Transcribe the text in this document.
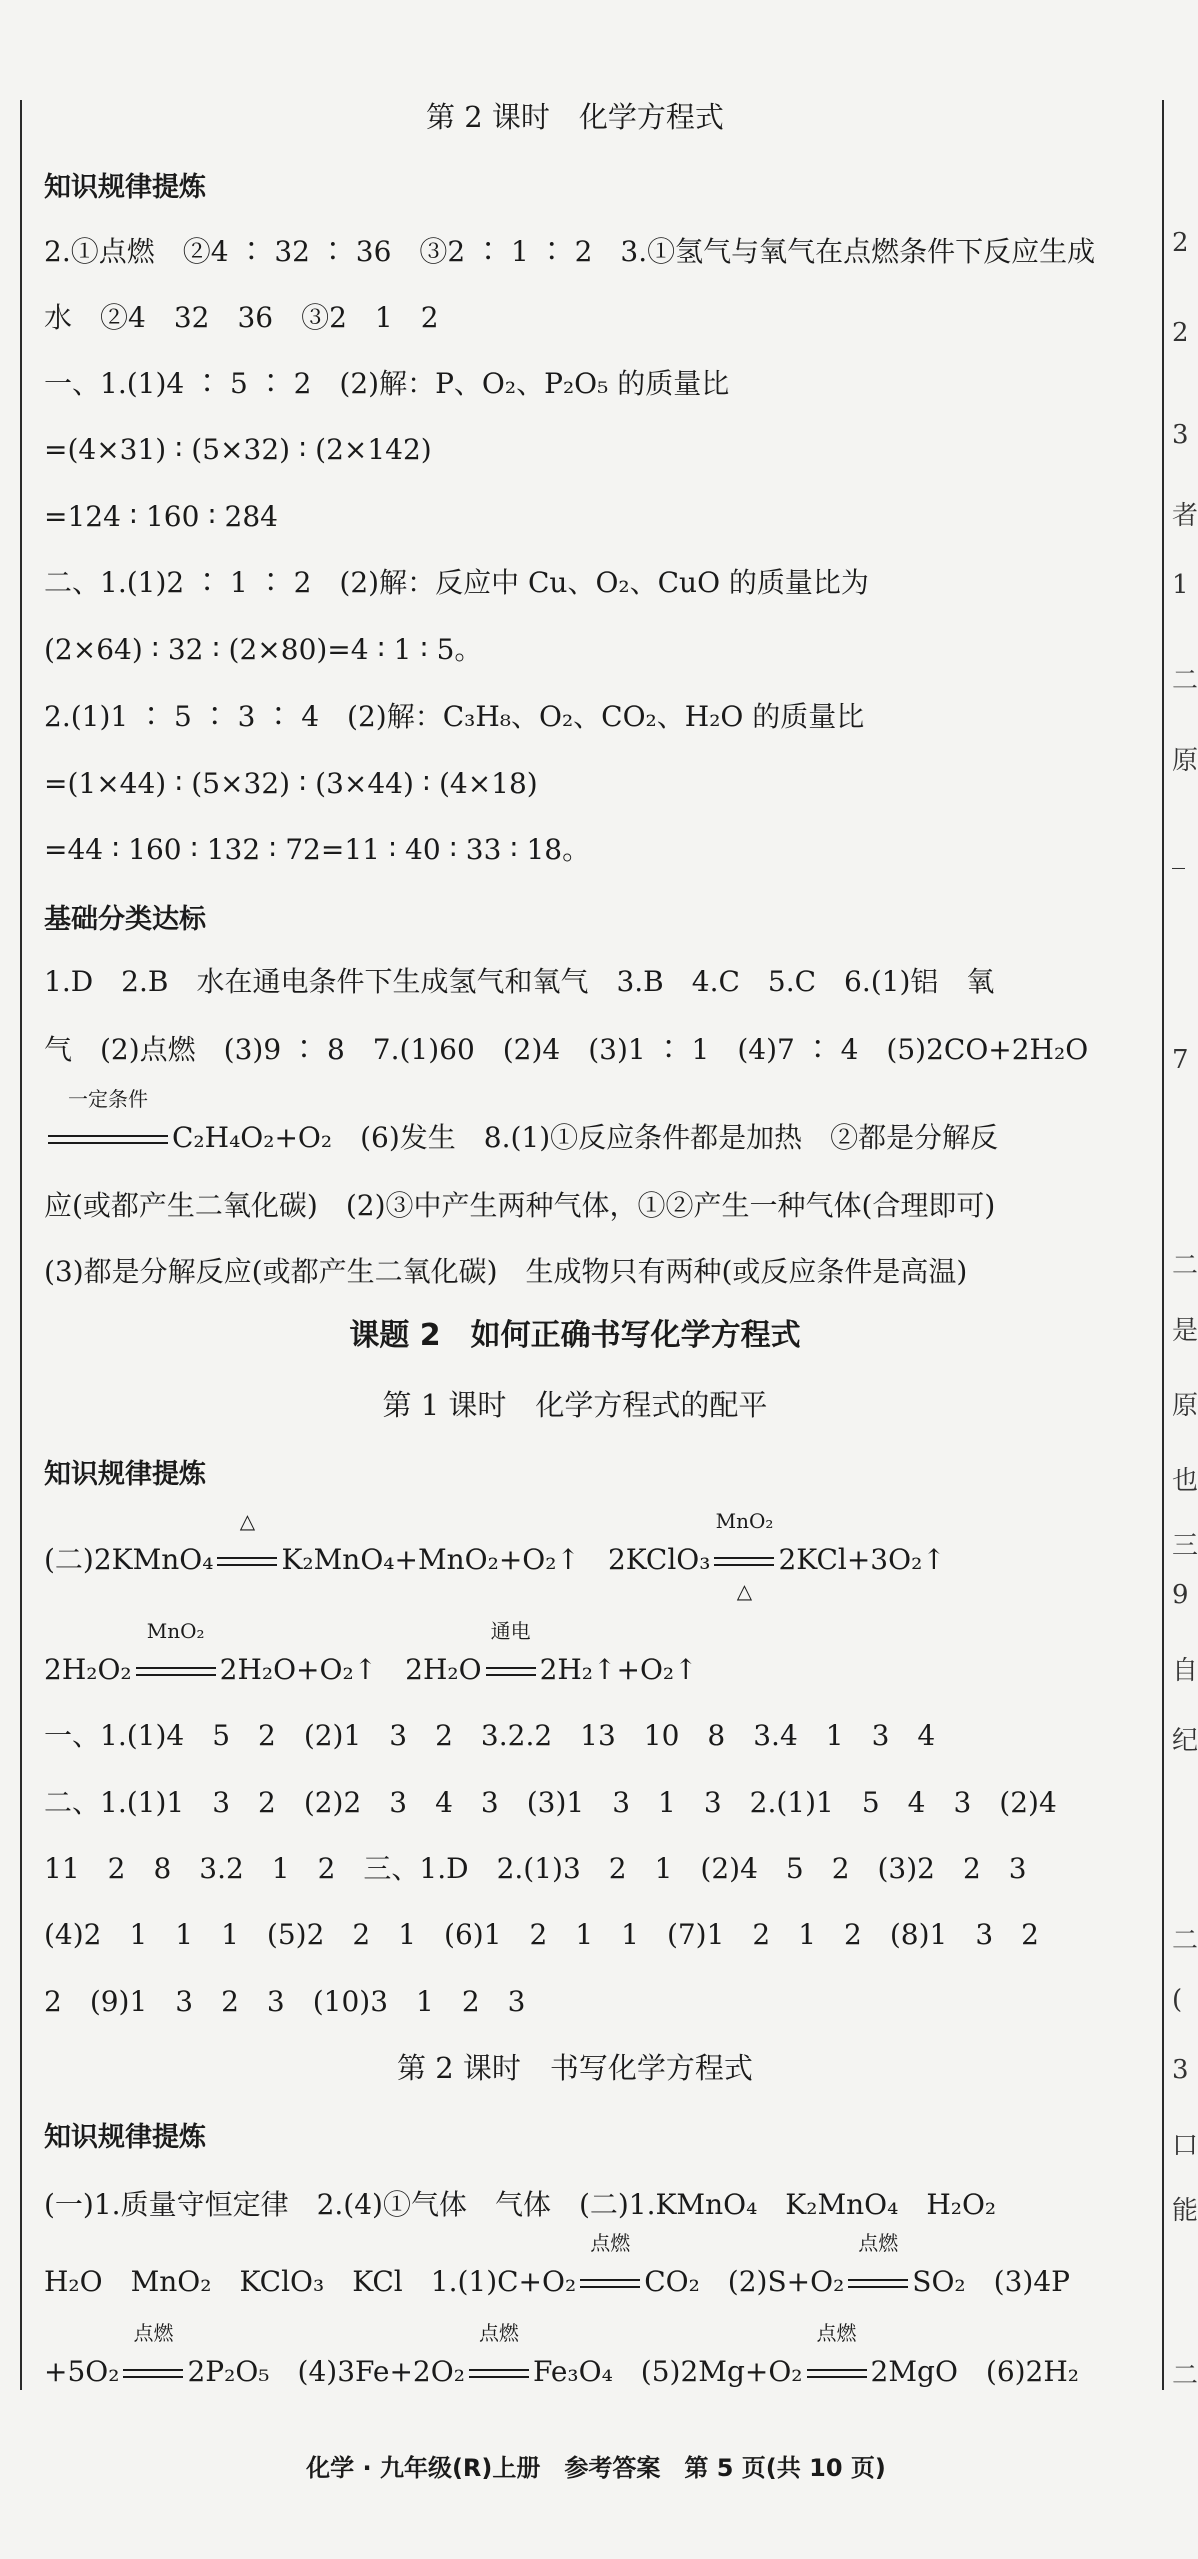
第 2 课时　化学方程式
知识规律提炼
2.①点燃　②4 ∶ 32 ∶ 36　③2 ∶ 1 ∶ 2　3.①氢气与氧气在点燃条件下反应生成
水　②4　32　36　③2　1　2
一、1.(1)4 ∶ 5 ∶ 2　(2)解：P、O₂、P₂O₅ 的质量比
=(4×31) ∶ (5×32) ∶ (2×142)
=124 ∶ 160 ∶ 284
二、1.(1)2 ∶ 1 ∶ 2　(2)解：反应中 Cu、O₂、CuO 的质量比为
(2×64) ∶ 32 ∶ (2×80)=4 ∶ 1 ∶ 5。
2.(1)1 ∶ 5 ∶ 3 ∶ 4　(2)解：C₃H₈、O₂、CO₂、H₂O 的质量比
=(1×44) ∶ (5×32) ∶ (3×44) ∶ (4×18)
=44 ∶ 160 ∶ 132 ∶ 72=11 ∶ 40 ∶ 33 ∶ 18。
基础分类达标
1.D　2.B　水在通电条件下生成氢气和氧气　3.B　4.C　5.C　6.(1)铝　氧
气　(2)点燃　(3)9 ∶ 8　7.(1)60　(2)4　(3)1 ∶ 1　(4)7 ∶ 4　(5)2CO+2H₂O
一定条件
C₂H₄O₂+O₂　(6)发生　8.(1)①反应条件都是加热　②都是分解反
应(或都产生二氧化碳)　(2)③中产生两种气体，①②产生一种气体(合理即可)
(3)都是分解反应(或都产生二氧化碳)　生成物只有两种(或反应条件是高温)
课题 2　如何正确书写化学方程式
第 1 课时　化学方程式的配平
知识规律提炼
(二)2KMnO₄
△
K₂MnO₄+MnO₂+O₂↑　2KClO₃
MnO₂
△
2KCl+3O₂↑
2H₂O₂
MnO₂
2H₂O+O₂↑　2H₂O
通电
2H₂↑+O₂↑
一、1.(1)4　5　2　(2)1　3　2　3.2.2　13　10　8　3.4　1　3　4
二、1.(1)1　3　2　(2)2　3　4　3　(3)1　3　1　3　2.(1)1　5　4　3　(2)4
11　2　8　3.2　1　2　三、1.D　2.(1)3　2　1　(2)4　5　2　(3)2　2　3
(4)2　1　1　1　(5)2　2　1　(6)1　2　1　1　(7)1　2　1　2　(8)1　3　2
2　(9)1　3　2　3　(10)3　1　2　3
第 2 课时　书写化学方程式
知识规律提炼
(一)1.质量守恒定律　2.(4)①气体　气体　(二)1.KMnO₄　K₂MnO₄　H₂O₂
H₂O　MnO₂　KClO₃　KCl　1.(1)C+O₂
点燃
CO₂　(2)S+O₂
点燃
SO₂　(3)4P
+5O₂
点燃
2P₂O₅　(4)3Fe+2O₂
点燃
Fe₃O₄　(5)2Mg+O₂
点燃
2MgO　(6)2H₂
2
2
3
者
1
二
原
_
7
二
是
原
也
三
9
自
纪
二
(
3
口
能
二
化学 · 九年级(R)上册　参考答案　第 5 页(共 10 页)
